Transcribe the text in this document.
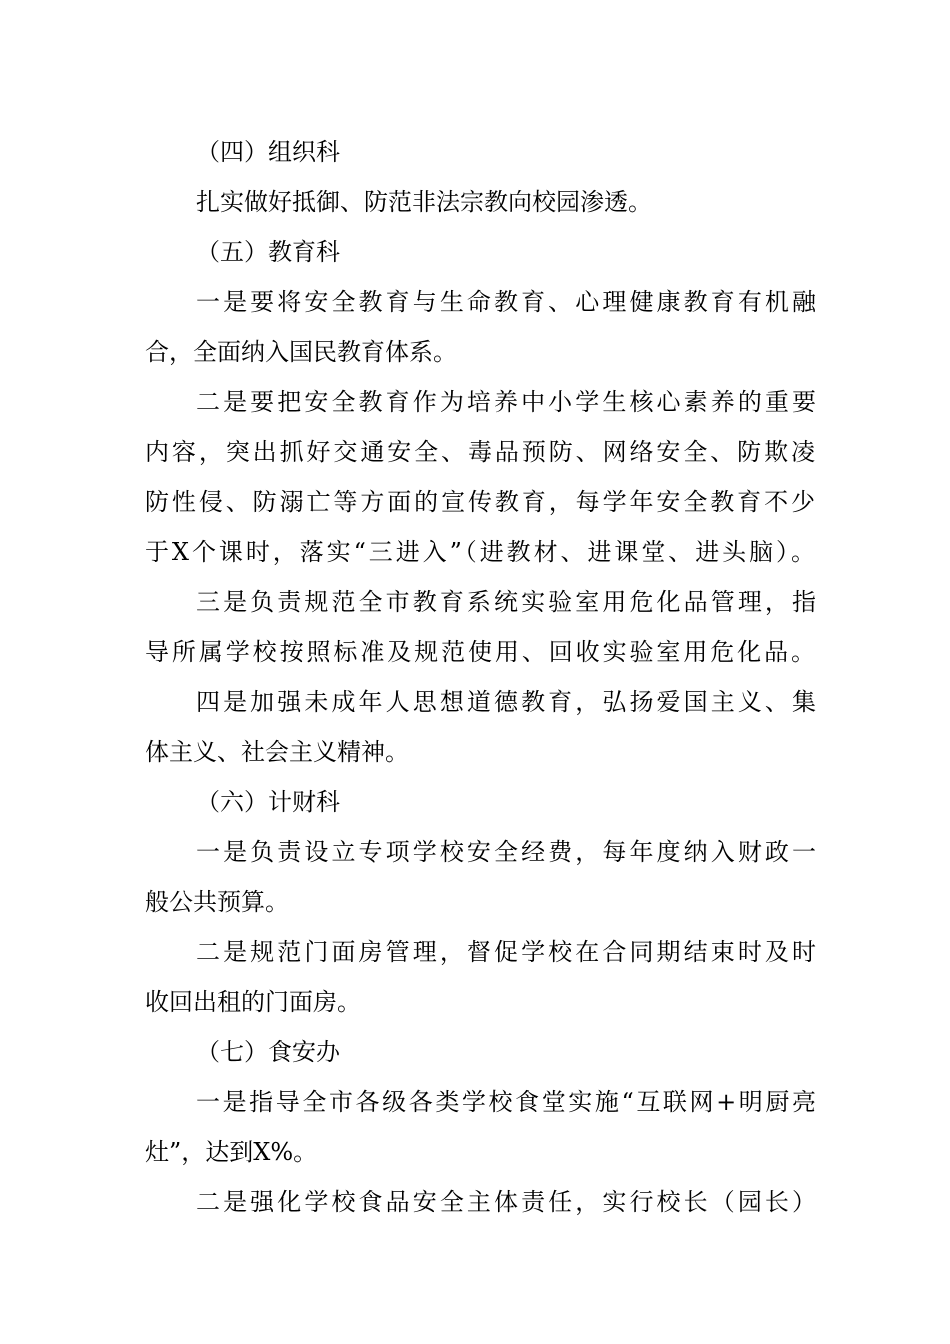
（四）组织科
扎实做好抵御、防范非法宗教向校园渗透。
（五）教育科
一是要将安全教育与生命教育、心理健康教育有机融
合，全面纳入国民教育体系。
二是要把安全教育作为培养中小学生核心素养的重要
内容，突出抓好交通安全、毒品预防、网络安全、防欺凌
防性侵、防溺亡等方面的宣传教育，每学年安全教育不少
于X个课时，落实“三进入”（进教材、进课堂、进头脑）。
三是负责规范全市教育系统实验室用危化品管理，指
导所属学校按照标准及规范使用、回收实验室用危化品。
四是加强未成年人思想道德教育，弘扬爱国主义、集
体主义、社会主义精神。
（六）计财科
一是负责设立专项学校安全经费，每年度纳入财政一
般公共预算。
二是规范门面房管理，督促学校在合同期结束时及时
收回出租的门面房。
（七）食安办
一是指导全市各级各类学校食堂实施“互联网+明厨亮
灶”，达到X%。
二是强化学校食品安全主体责任，实行校长（园长）
